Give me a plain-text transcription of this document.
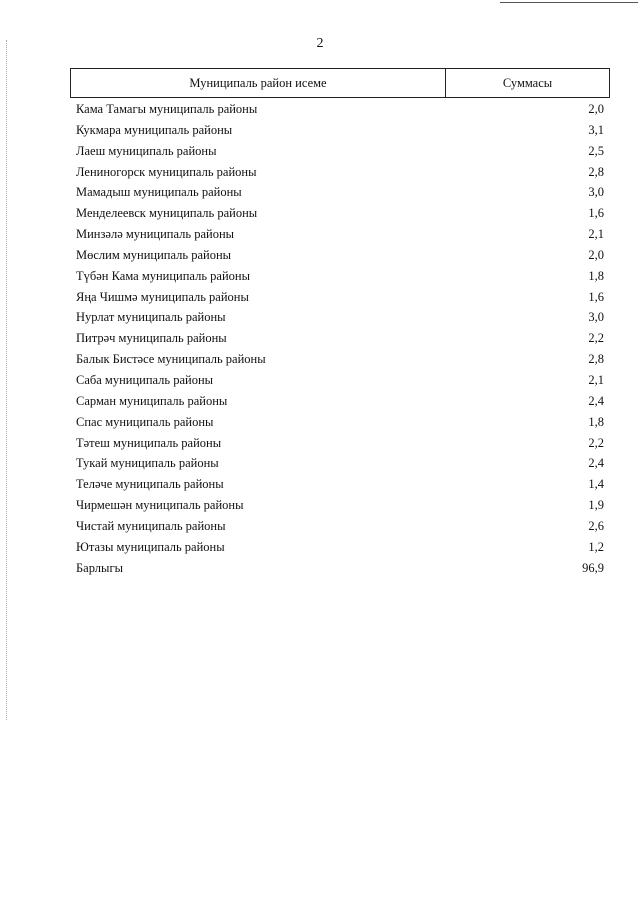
2
Муниципаль район исеме	Суммасы
Кама Тамагы муниципаль районы	2,0
Кукмара муниципаль районы	3,1
Лаеш муниципаль районы	2,5
Лениногорск муниципаль районы	2,8
Мамадыш муниципаль районы	3,0
Менделеевск муниципаль районы	1,6
Минзәлә муниципаль районы	2,1
Мөслим муниципаль районы	2,0
Түбән Кама муниципаль районы	1,8
Яңа Чишмә муниципаль районы	1,6
Нурлат муниципаль районы	3,0
Питрәч муниципаль районы	2,2
Балык Бистәсе муниципаль районы	2,8
Саба муниципаль районы	2,1
Сарман муниципаль районы	2,4
Спас муниципаль районы	1,8
Тәтеш муниципаль районы	2,2
Тукай муниципаль районы	2,4
Теләче муниципаль районы	1,4
Чирмешән муниципаль районы	1,9
Чистай муниципаль районы	2,6
Ютазы муниципаль районы	1,2
Барлыгы	96,9
